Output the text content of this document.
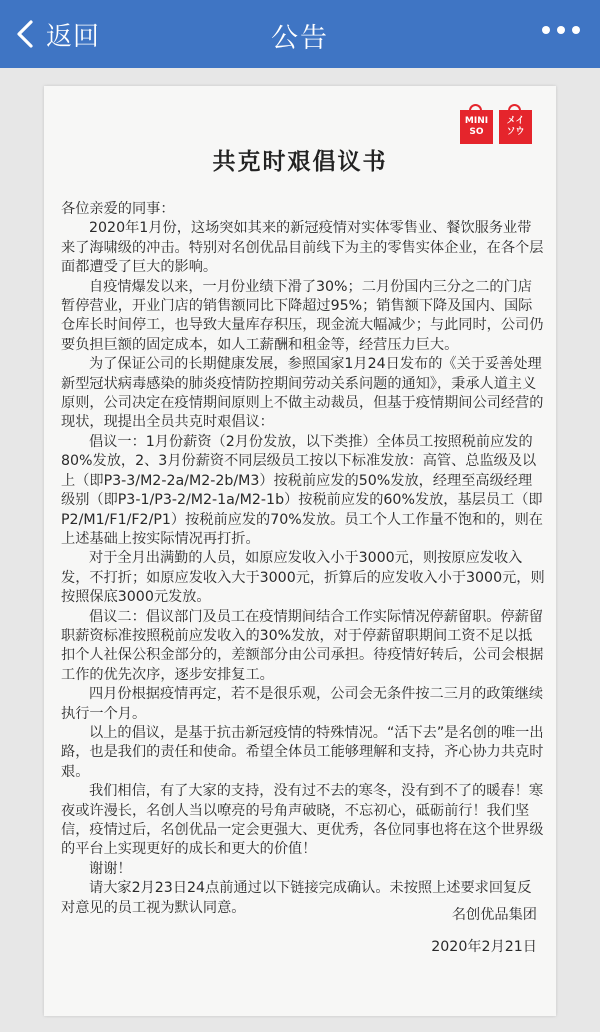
返回	公告
MINI
SO
メイ
ソウ
共克时艰倡议书

各位亲爱的同事：

2020年1月份，这场突如其来的新冠疫情对实体零售业、餐饮服务业带来了海啸级的冲击。特别对名创优品目前线下为主的零售实体企业，在各个层面都遭受了巨大的影响。

自疫情爆发以来，一月份业绩下滑了30%；二月份国内三分之二的门店暂停营业，开业门店的销售额同比下降超过95%；销售额下降及国内、国际仓库长时间停工，也导致大量库存积压，现金流大幅减少；与此同时，公司仍要负担巨额的固定成本，如人工薪酬和租金等，经营压力巨大。

为了保证公司的长期健康发展，参照国家1月24日发布的《关于妥善处理新型冠状病毒感染的肺炎疫情防控期间劳动关系问题的通知》，秉承人道主义原则，公司决定在疫情期间原则上不做主动裁员，但基于疫情期间公司经营的现状，现提出全员共克时艰倡议：

倡议一：1月份薪资（2月份发放，以下类推）全体员工按照税前应发的80%发放，2、3月份薪资不同层级员工按以下标准发放：高管、总监级及以上（即P3-3/M2-2a/M2-2b/M3）按税前应发的50%发放，经理至高级经理级别（即P3-1/P3-2/M2-1a/M2-1b）按税前应发的60%发放，基层员工（即P2/M1/F1/F2/P1）按税前应发的70%发放。员工个人工作量不饱和的，则在上述基础上按实际情况再打折。

对于全月出满勤的人员，如原应发收入小于3000元，则按原应发收入发，不打折；如原应发收入大于3000元，折算后的应发收入小于3000元，则按照保底3000元发放。

倡议二：倡议部门及员工在疫情期间结合工作实际情况停薪留职。停薪留职薪资标准按照税前应发收入的30%发放，对于停薪留职期间工资不足以抵扣个人社保公积金部分的，差额部分由公司承担。待疫情好转后，公司会根据工作的优先次序，逐步安排复工。

四月份根据疫情再定，若不是很乐观，公司会无条件按二三月的政策继续执行一个月。

以上的倡议，是基于抗击新冠疫情的特殊情况。“活下去”是名创的唯一出路，也是我们的责任和使命。希望全体员工能够理解和支持，齐心协力共克时艰。

我们相信，有了大家的支持，没有过不去的寒冬，没有到不了的暖春！寒夜或许漫长，名创人当以嘹亮的号角声破晓，不忘初心，砥砺前行！我们坚信，疫情过后，名创优品一定会更强大、更优秀，各位同事也将在这个世界级的平台上实现更好的成长和更大的价值！

谢谢！

请大家2月23日24点前通过以下链接完成确认。未按照上述要求回复反对意见的员工视为默认同意。	名创优品集团
2020年2月21日
